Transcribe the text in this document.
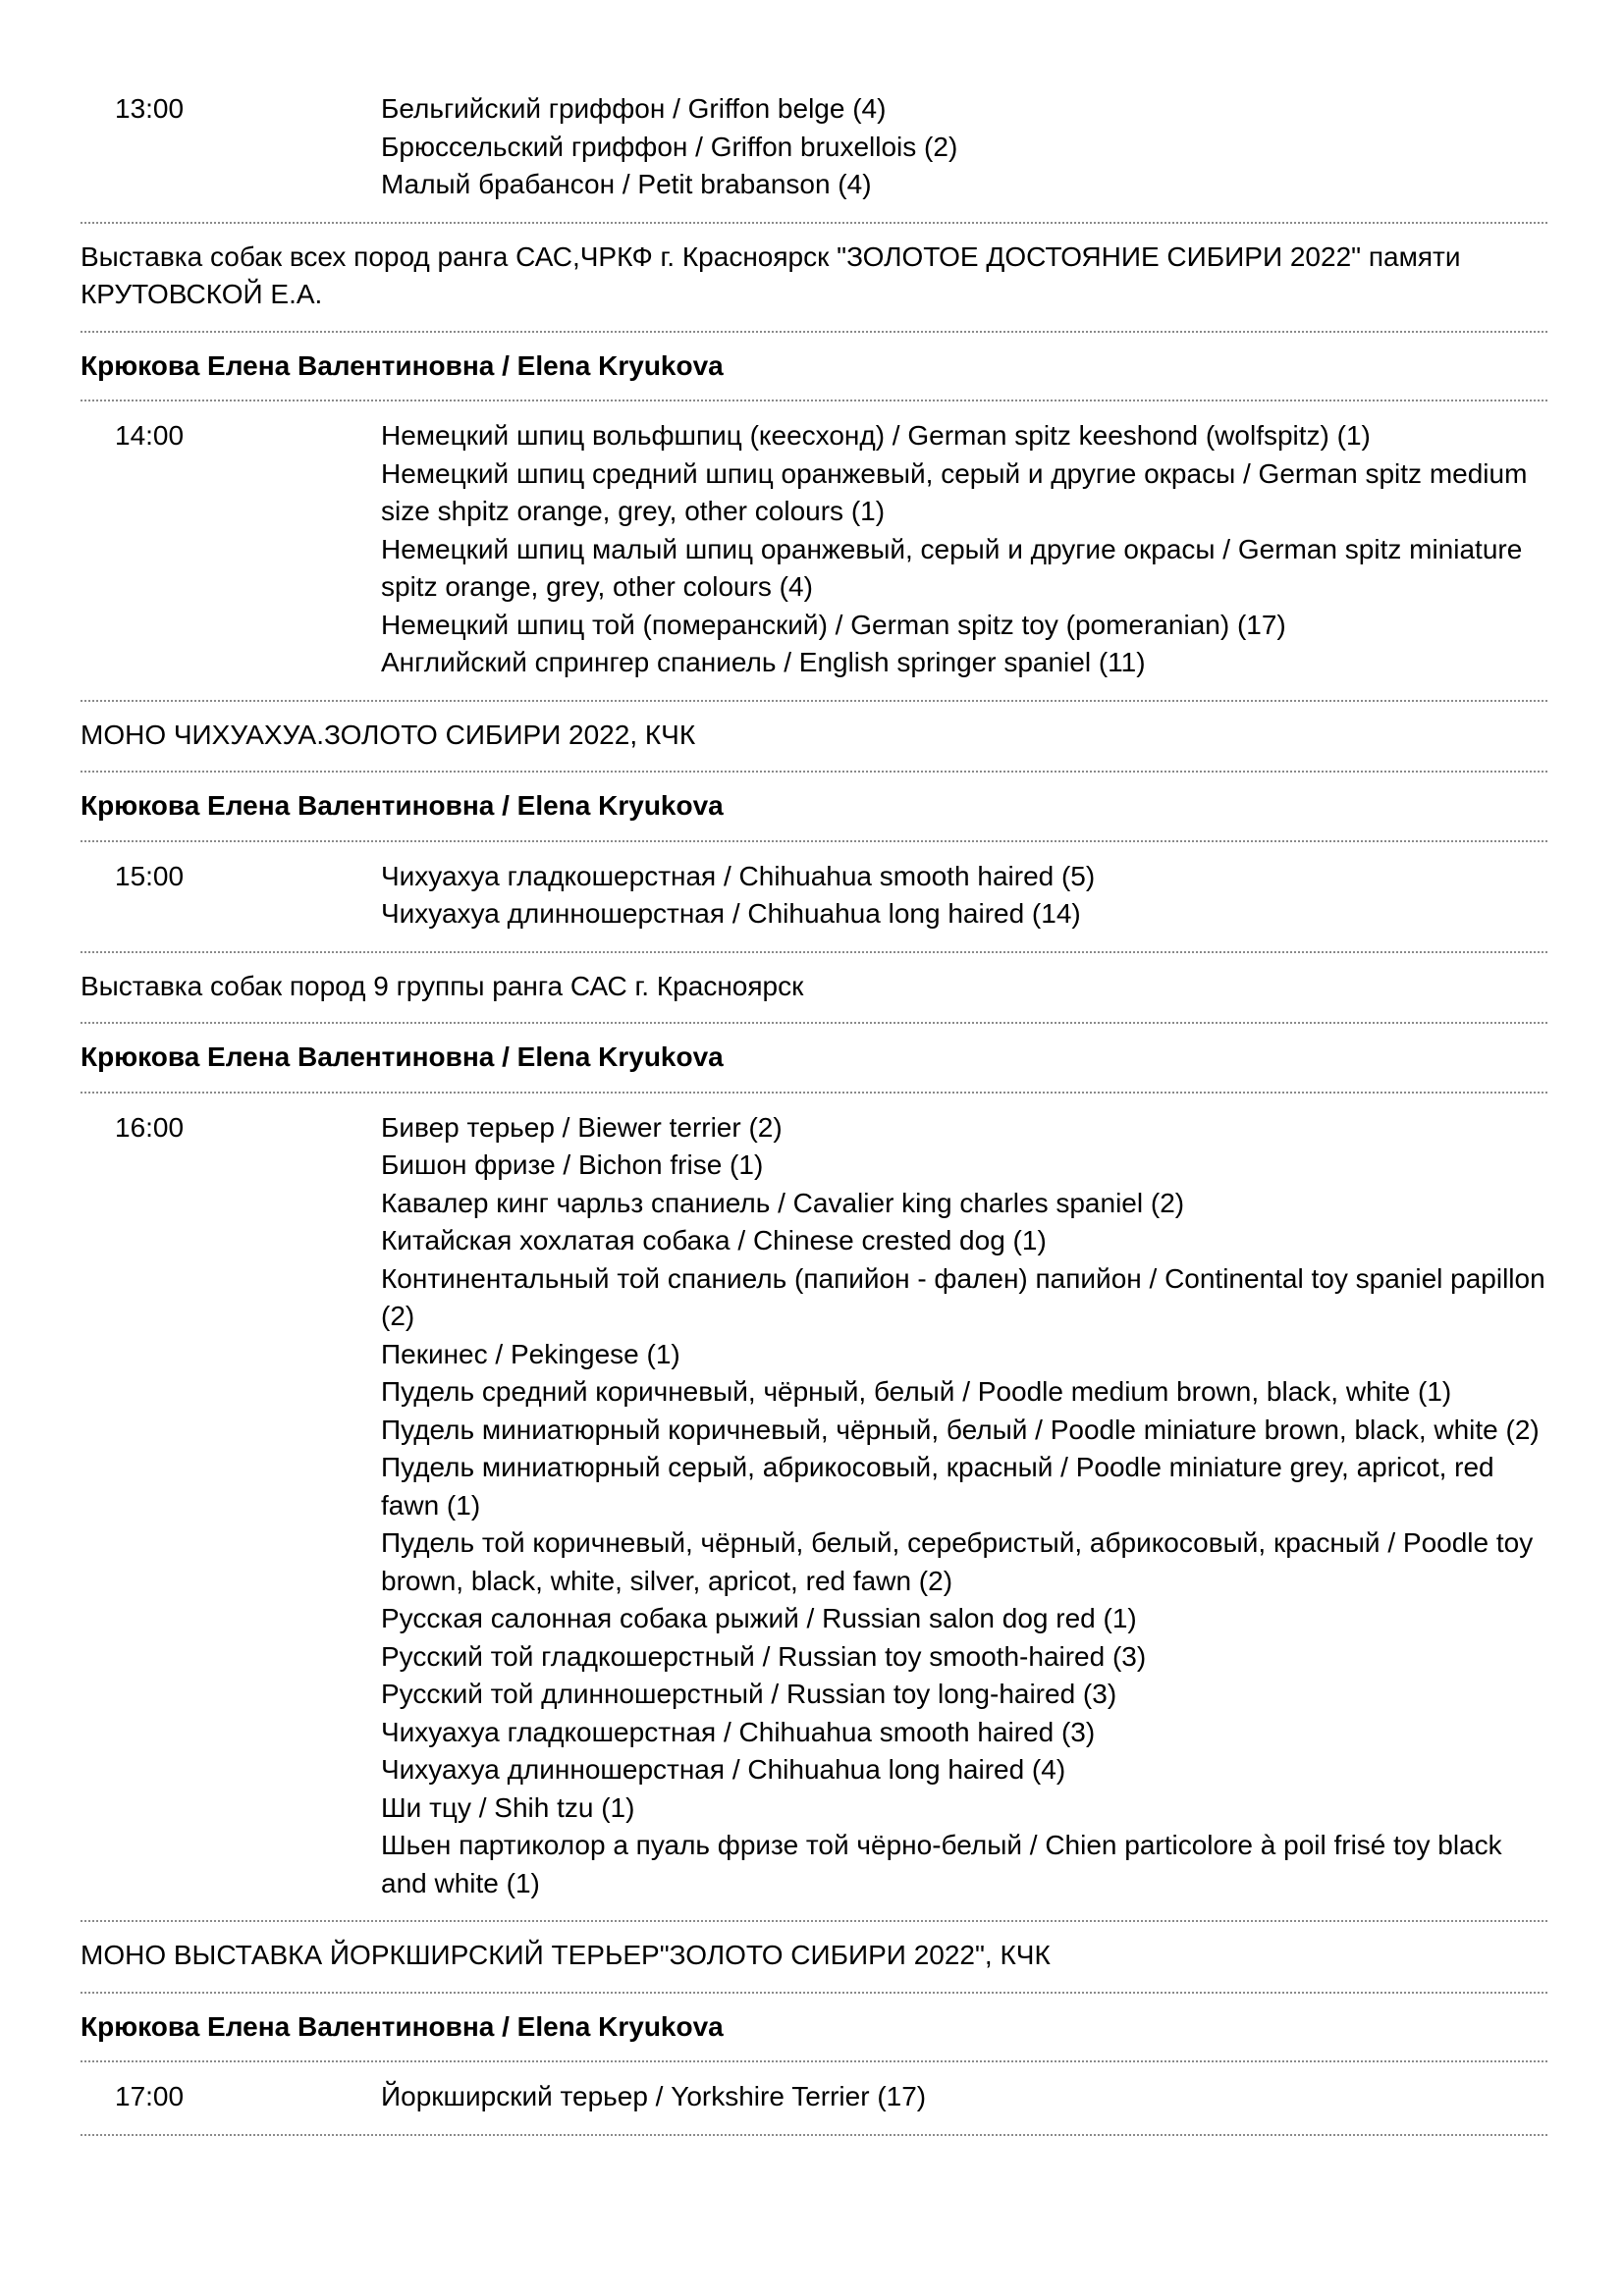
13:00	Бельгийский гриффон / Griffon belge (4)
Брюссельский гриффон / Griffon bruxellois (2)
Малый брабансон / Petit brabanson (4)
Выставка собак всех пород ранга САС,ЧРКФ г. Красноярск "ЗОЛОТОЕ ДОСТОЯНИЕ СИБИРИ 2022" памяти КРУТОВСКОЙ Е.А.
Крюкова Елена Валентиновна / Elena Kryukova
14:00	Немецкий шпиц вольфшпиц (кеесхонд) / German spitz keeshond (wolfspitz) (1)
Немецкий шпиц средний шпиц оранжевый, серый и другие окрасы / German spitz medium size shpitz orange, grey, other colours (1)
Немецкий шпиц малый шпиц оранжевый, серый и другие окрасы / German spitz miniature spitz orange, grey, other colours (4)
Немецкий шпиц той (померанский) / German spitz toy (pomeranian) (17)
Английский спрингер спаниель / English springer spaniel (11)
МОНО ЧИХУАХУА.ЗОЛОТО СИБИРИ 2022, КЧК
Крюкова Елена Валентиновна / Elena Kryukova
15:00	Чихуахуа гладкошерстная / Chihuahua smooth haired (5)
Чихуахуа длинношерстная / Chihuahua long haired (14)
Выставка собак пород 9 группы ранга САС г. Красноярск
Крюкова Елена Валентиновна / Elena Kryukova
16:00	Бивер терьер / Biewer terrier (2)
Бишон фризе / Bichon frise (1)
Кавалер кинг чарльз спаниель / Cavalier king charles spaniel (2)
Китайская хохлатая собака / Chinese crested dog (1)
Континентальный той спаниель (папийон - фален) папийон / Continental toy spaniel papillon (2)
Пекинес / Pekingese (1)
Пудель средний коричневый, чёрный, белый / Poodle medium brown, black, white (1)
Пудель миниатюрный коричневый, чёрный, белый / Poodle miniature brown, black, white (2)
Пудель миниатюрный серый, абрикосовый, красный / Poodle miniature grey, apricot, red fawn (1)
Пудель той коричневый, чёрный, белый, серебристый, абрикосовый, красный / Poodle toy brown, black, white, silver, apricot, red fawn (2)
Русская салонная собака рыжий / Russian salon dog red (1)
Русский той гладкошерстный / Russian toy smooth-haired (3)
Русский той длинношерстный / Russian toy long-haired (3)
Чихуахуа гладкошерстная / Chihuahua smooth haired (3)
Чихуахуа длинношерстная / Chihuahua long haired (4)
Ши тцу / Shih tzu (1)
Шьен партиколор а пуаль фризе той чёрно-белый / Chien particolore à poil frisé toy black and white (1)
МОНО ВЫСТАВКА ЙОРКШИРСКИЙ ТЕРЬЕР"ЗОЛОТО СИБИРИ 2022", КЧК
Крюкова Елена Валентиновна / Elena Kryukova
17:00	Йоркширский терьер / Yorkshire Terrier (17)
